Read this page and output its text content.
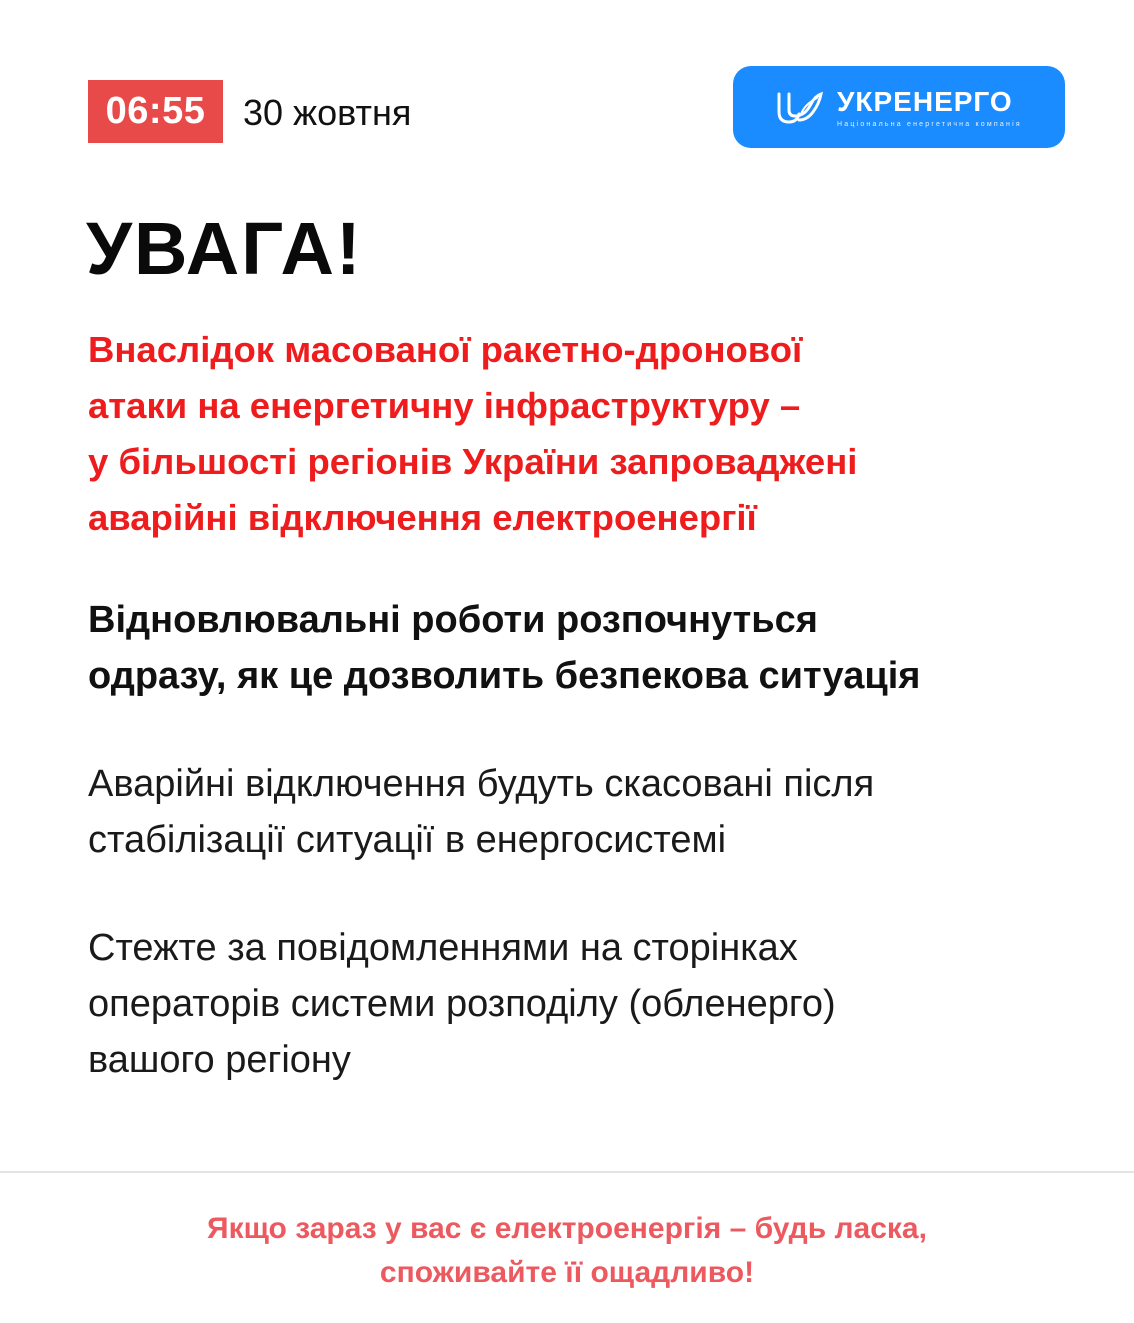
06:55	30 жовтня	УКРЕНЕРГО
Національна енергетична компанія
УВАГА!
Внаслідок масованої ракетно-дронової
атаки на енергетичну інфраструктуру –
у більшості регіонів України запроваджені
аварійні відключення електроенергії
Відновлювальні роботи розпочнуться
одразу, як це дозволить безпекова ситуація
Аварійні відключення будуть скасовані після
стабілізації ситуації в енергосистемі
Стежте за повідомленнями на сторінках
операторів системи розподілу (обленерго)
вашого регіону
Якщо зараз у вас є електроенергія – будь ласка,
споживайте її ощадливо!
